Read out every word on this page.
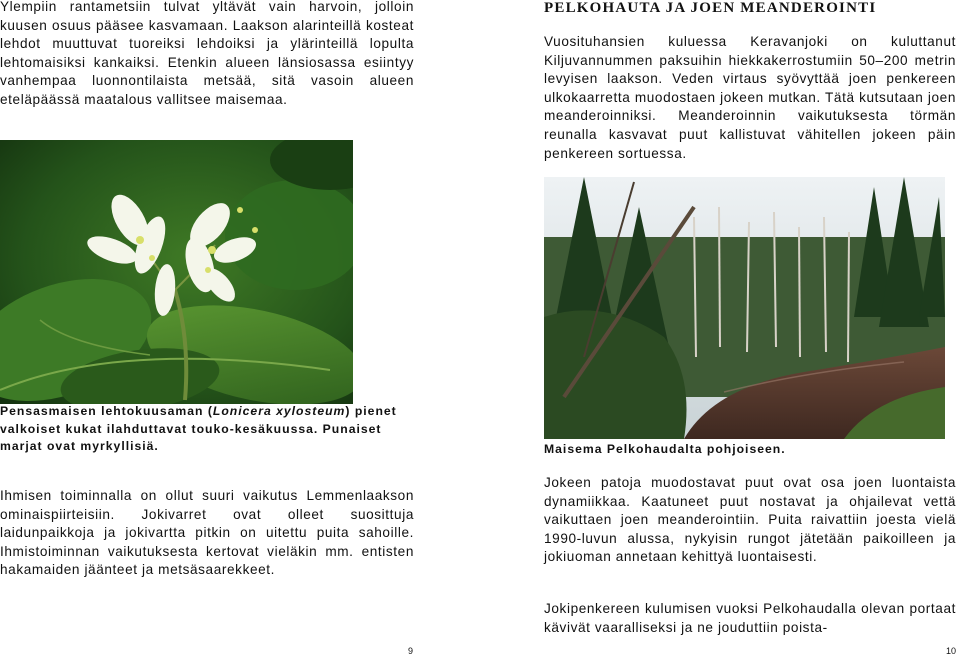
Ylempiin rantametsiin tulvat yltävät vain harvoin, jolloin kuusen osuus pääsee kasvamaan. Laakson alarinteillä kosteat lehdot muuttuvat tuoreiksi lehdoiksi ja ylärinteillä lopulta lehtomaisiksi kankaiksi. Etenkin alueen länsiosassa esiintyy vanhempaa luonnontilaista metsää, sitä vasoin alueen eteläpäässä maatalous vallitsee maisemaa.

Pensasmaisen lehtokuusaman (Lonicera xylosteum) pienet valkoiset kukat ilahduttavat touko-kesäkuussa. Punaiset marjat ovat myrkyllisiä.

Ihmisen toiminnalla on ollut suuri vaikutus Lemmenlaakson ominaispiirteisiin. Jokivarret ovat olleet suosittuja laidunpaikkoja ja jokivartta pitkin on uitettu puita sahoille. Ihmistoiminnan vaikutuksesta kertovat vieläkin mm. entisten hakamaiden jäänteet ja metsäsaarekkeet.

9
PELKOHAUTA JA JOEN MEANDEROINTI

Vuosituhansien kuluessa Keravanjoki on kuluttanut Kiljuvannummen paksuihin hiekkakerrostumiin 50–200 metrin levyisen laakson. Veden virtaus syövyttää joen penkereen ulkokaarretta muodostaen jokeen mutkan. Tätä kutsutaan joen meanderoinniksi. Meanderoinnin vaikutuksesta törmän reunalla kasvavat puut kallistuvat vähitellen jokeen päin penkereen sortuessa.

Maisema Pelkohaudalta pohjoiseen.

Jokeen patoja muodostavat puut ovat osa joen luontaista dynamiikkaa. Kaatuneet puut nostavat ja ohjailevat vettä vaikuttaen joen meanderointiin. Puita raivattiin joesta vielä 1990-luvun alussa, nykyisin rungot jätetään paikoilleen ja jokiuoman annetaan kehittyä luontaisesti.

Jokipenkereen kulumisen vuoksi Pelkohaudalla olevan portaat kävivät vaaralliseksi ja ne jouduttiin poista-

10
